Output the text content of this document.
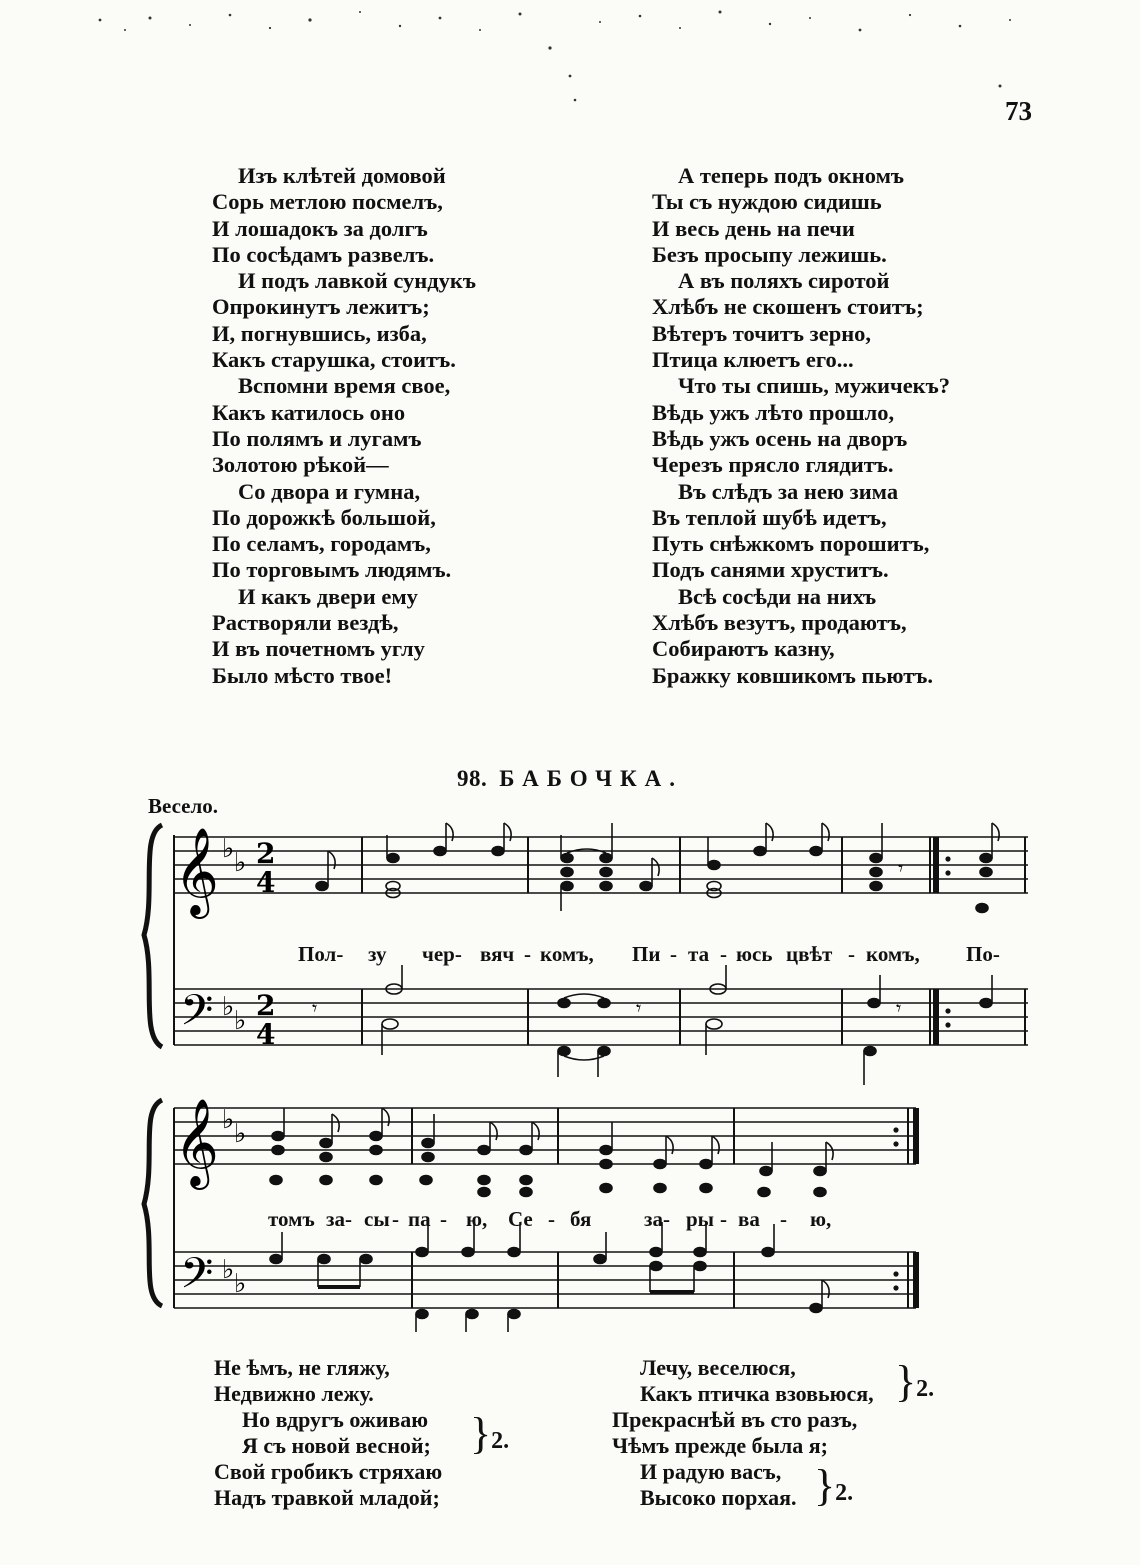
73
Изъ клѣтей домовой
Сорь метлою посмелъ,
И лошадокъ за долгъ
По сосѣдамъ развелъ.
И подъ лавкой сундукъ
Опрокинутъ лежитъ;
И, погнувшись, изба,
Какъ старушка, стоитъ.
Вспомни время свое,
Какъ катилось оно
По полямъ и лугамъ
Золотою рѣкой—
Со двора и гумна,
По дорожкѣ большой,
По селамъ, городамъ,
По торговымъ людямъ.
И какъ двери ему
Растворяли вездѣ,
И въ почетномъ углу
Было мѣсто твое!
А теперь подъ окномъ
Ты съ нуждою сидишь
И весь день на печи
Безъ просыпу лежишь.
А въ поляхъ сиротой
Хлѣбъ не скошенъ стоитъ;
Вѣтеръ точитъ зерно,
Птица клюетъ его...
Что ты спишь, мужичекъ?
Вѣдь ужъ лѣто прошло,
Вѣдь ужъ осень на дворъ
Черезъ прясло глядитъ.
Въ слѣдъ за нею зима
Въ теплой шубѣ идетъ,
Путь снѣжкомъ порошитъ,
Подъ санями хруститъ.
Всѣ сосѣди на нихъ
Хлѣбъ везутъ, продаютъ,
Собираютъ казну,
Бражку ковшикомъ пьютъ.
98. БАБОЧКА.
Весело.
𝄞
𝄢
♭ ♭
♭ ♭
2
4
2
4
𝄾
Пол- зу чер- вяч - комъ, Пи - та - юсь цвѣт - комъ, По-
𝄾	𝄾	𝄾
𝄞
𝄢
♭ ♭
♭ ♭
томъ за- сы - па - ю, Се - бя	за- ры - ва - ю,
Не ѣмъ, не гляжу,
Недвижно лежу.
Но вдругъ оживаю
Я съ новой весной;
Свой гробикъ стряхаю
Надъ травкой младой;
}2.
Лечу, веселюся,
Какъ птичка взовьюся,
Прекраснѣй въ сто разъ,
Чѣмъ прежде была я;
И радую васъ,
Высоко порхая.
}2.
}2.
